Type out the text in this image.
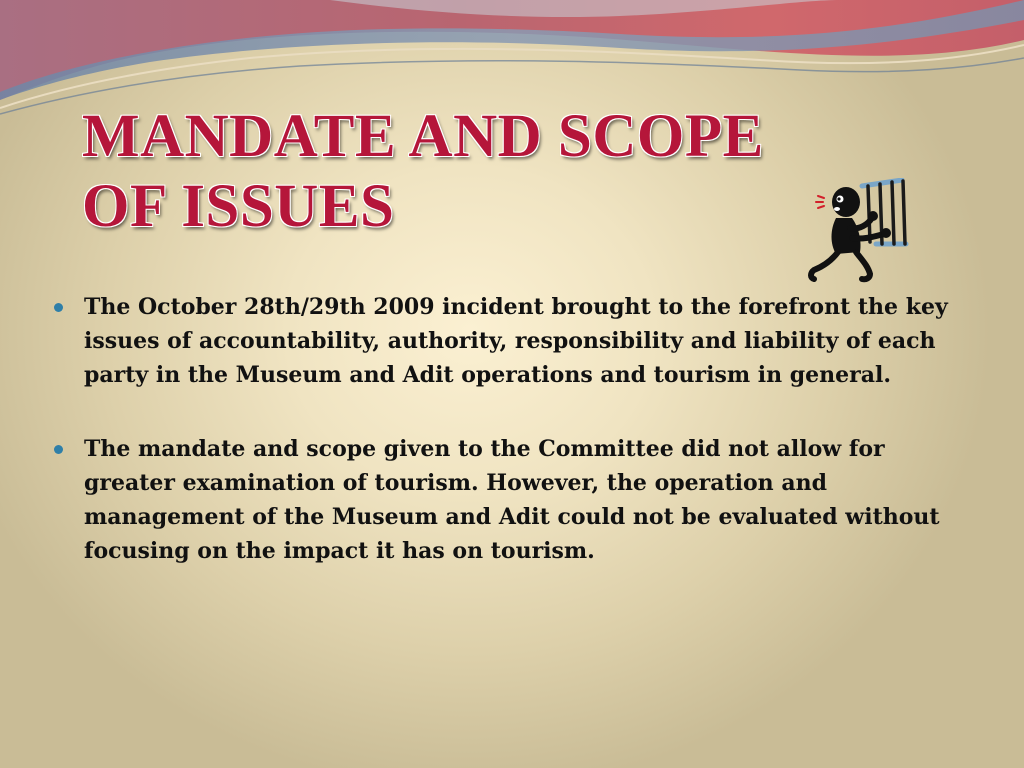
MANDATE AND SCOPE
OF ISSUES
The October 28th/29th 2009 incident brought to the forefront the key issues of accountability, authority, responsibility and liability of each party in the Museum and Adit operations and tourism in general.
The mandate and scope given to the Committee did not allow for greater examination of tourism. However, the operation and management of the Museum and Adit could not be evaluated without focusing on the impact it has on tourism.
